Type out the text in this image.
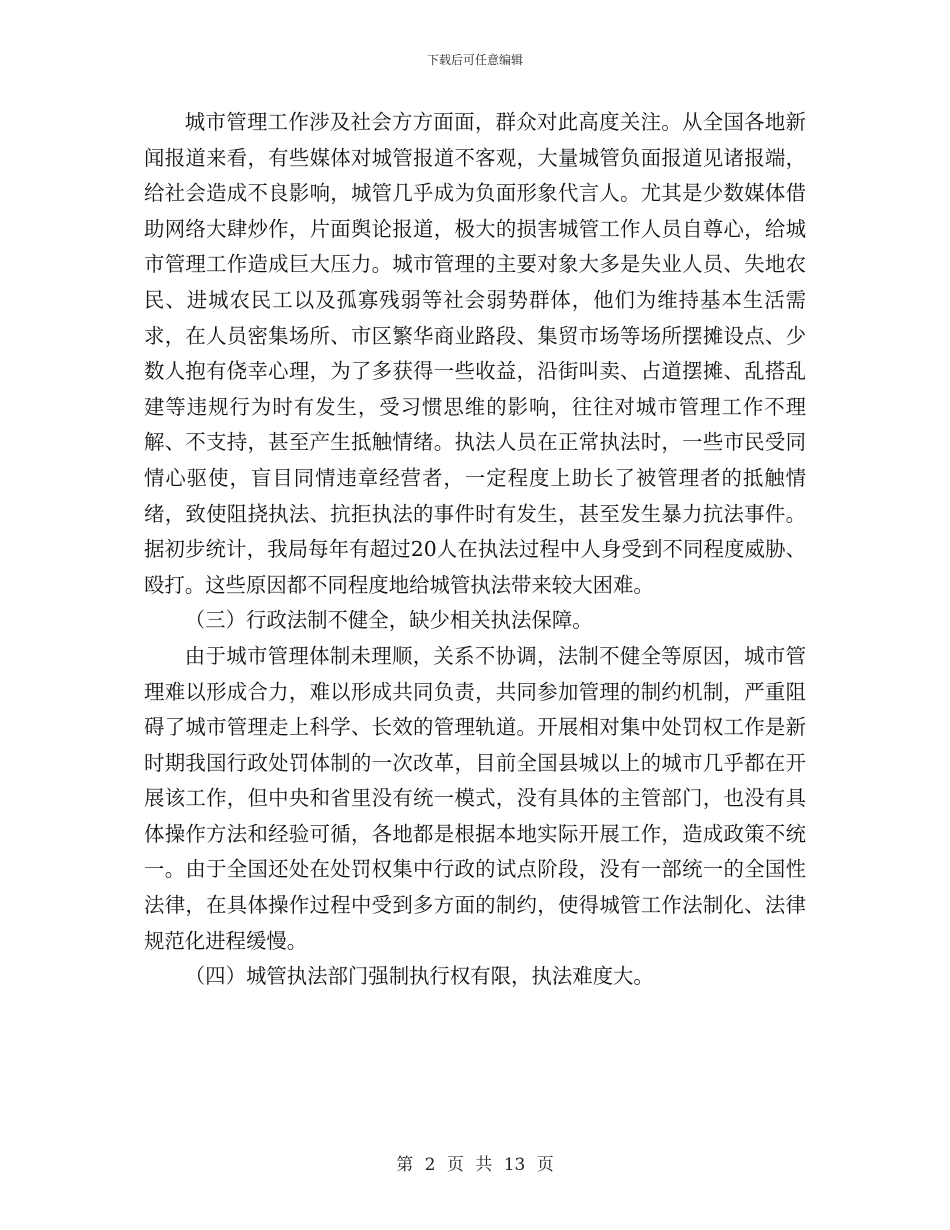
下载后可任意编辑

城市管理工作涉及社会方方面面，群众对此高度关注。从全国各地新闻报道来看，有些媒体对城管报道不客观，大量城管负面报道见诸报端，给社会造成不良影响，城管几乎成为负面形象代言人。尤其是少数媒体借助网络大肆炒作，片面舆论报道，极大的损害城管工作人员自尊心，给城市管理工作造成巨大压力。城市管理的主要对象大多是失业人员、失地农民、进城农民工以及孤寡残弱等社会弱势群体，他们为维持基本生活需求，在人员密集场所、市区繁华商业路段、集贸市场等场所摆摊设点、少数人抱有侥幸心理，为了多获得一些收益，沿街叫卖、占道摆摊、乱搭乱建等违规行为时有发生，受习惯思维的影响，往往对城市管理工作不理解、不支持，甚至产生抵触情绪。执法人员在正常执法时，一些市民受同情心驱使，盲目同情违章经营者，一定程度上助长了被管理者的抵触情绪，致使阻挠执法、抗拒执法的事件时有发生，甚至发生暴力抗法事件。据初步统计，我局每年有超过20人在执法过程中人身受到不同程度威胁、殴打。这些原因都不同程度地给城管执法带来较大困难。

（三）行政法制不健全，缺少相关执法保障。

由于城市管理体制未理顺，关系不协调，法制不健全等原因，城市管理难以形成合力，难以形成共同负责，共同参加管理的制约机制，严重阻碍了城市管理走上科学、长效的管理轨道。开展相对集中处罚权工作是新时期我国行政处罚体制的一次改革，目前全国县城以上的城市几乎都在开展该工作，但中央和省里没有统一模式，没有具体的主管部门，也没有具体操作方法和经验可循，各地都是根据本地实际开展工作，造成政策不统一。由于全国还处在处罚权集中行政的试点阶段，没有一部统一的全国性法律，在具体操作过程中受到多方面的制约，使得城管工作法制化、法律规范化进程缓慢。

（四）城管执法部门强制执行权有限，执法难度大。

第 2 页 共 13 页
